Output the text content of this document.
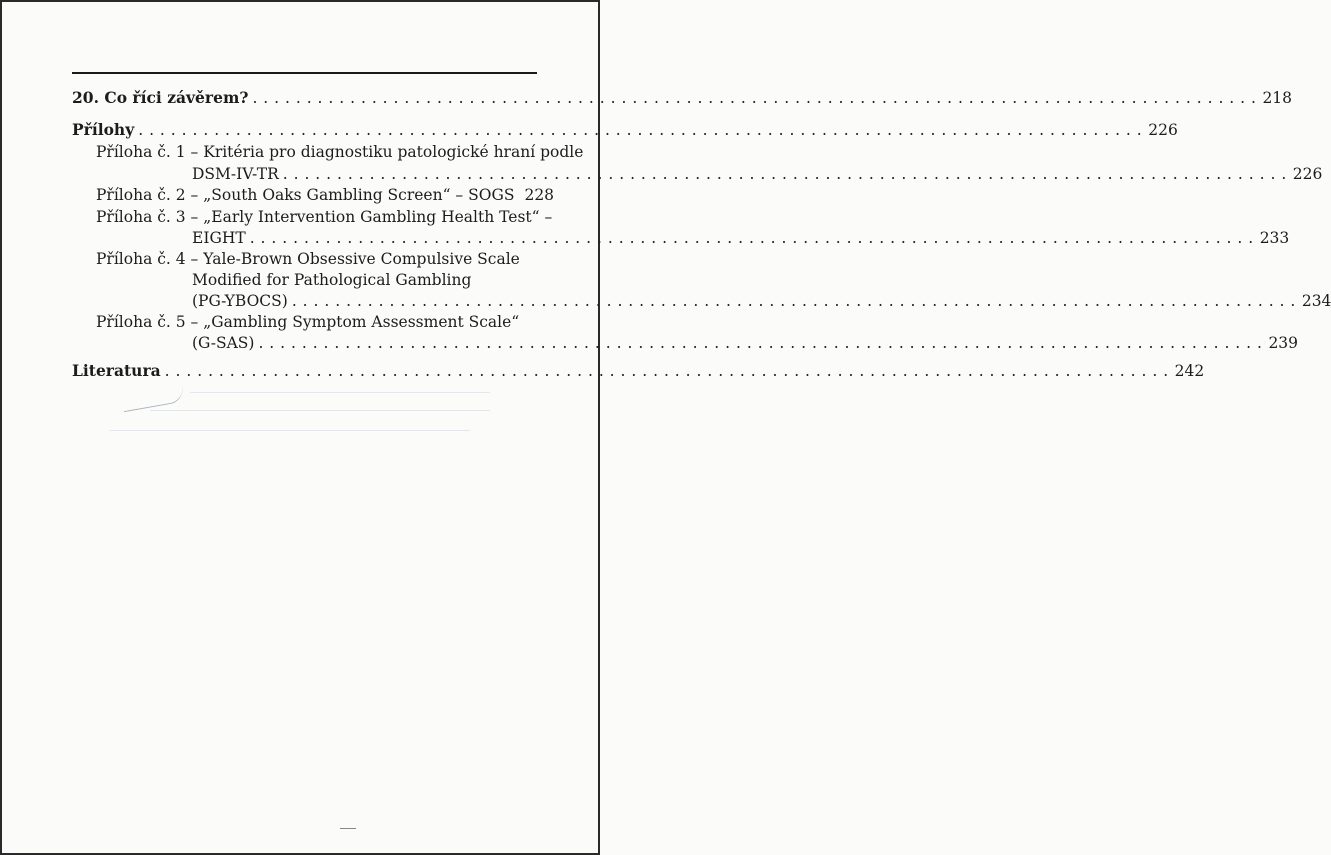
20. Co říci závěrem? . . .	218
Přílohy . . .	226
Příloha č. 1 – Kritéria pro diagnostiku patologické hraní podle
DSM-IV-TR . . .	226
Příloha č. 2 – „South Oaks Gambling Screen“ – SOGS 228
Příloha č. 3 – „Early Intervention Gambling Health Test“ –
EIGHT . . .	233
Příloha č. 4 – Yale-Brown Obsessive Compulsive Scale
Modified for Pathological Gambling
(PG-YBOCS) . . .	234
Příloha č. 5 – „Gambling Symptom Assessment Scale“
(G-SAS) . . .	239
Literatura . . .	242
